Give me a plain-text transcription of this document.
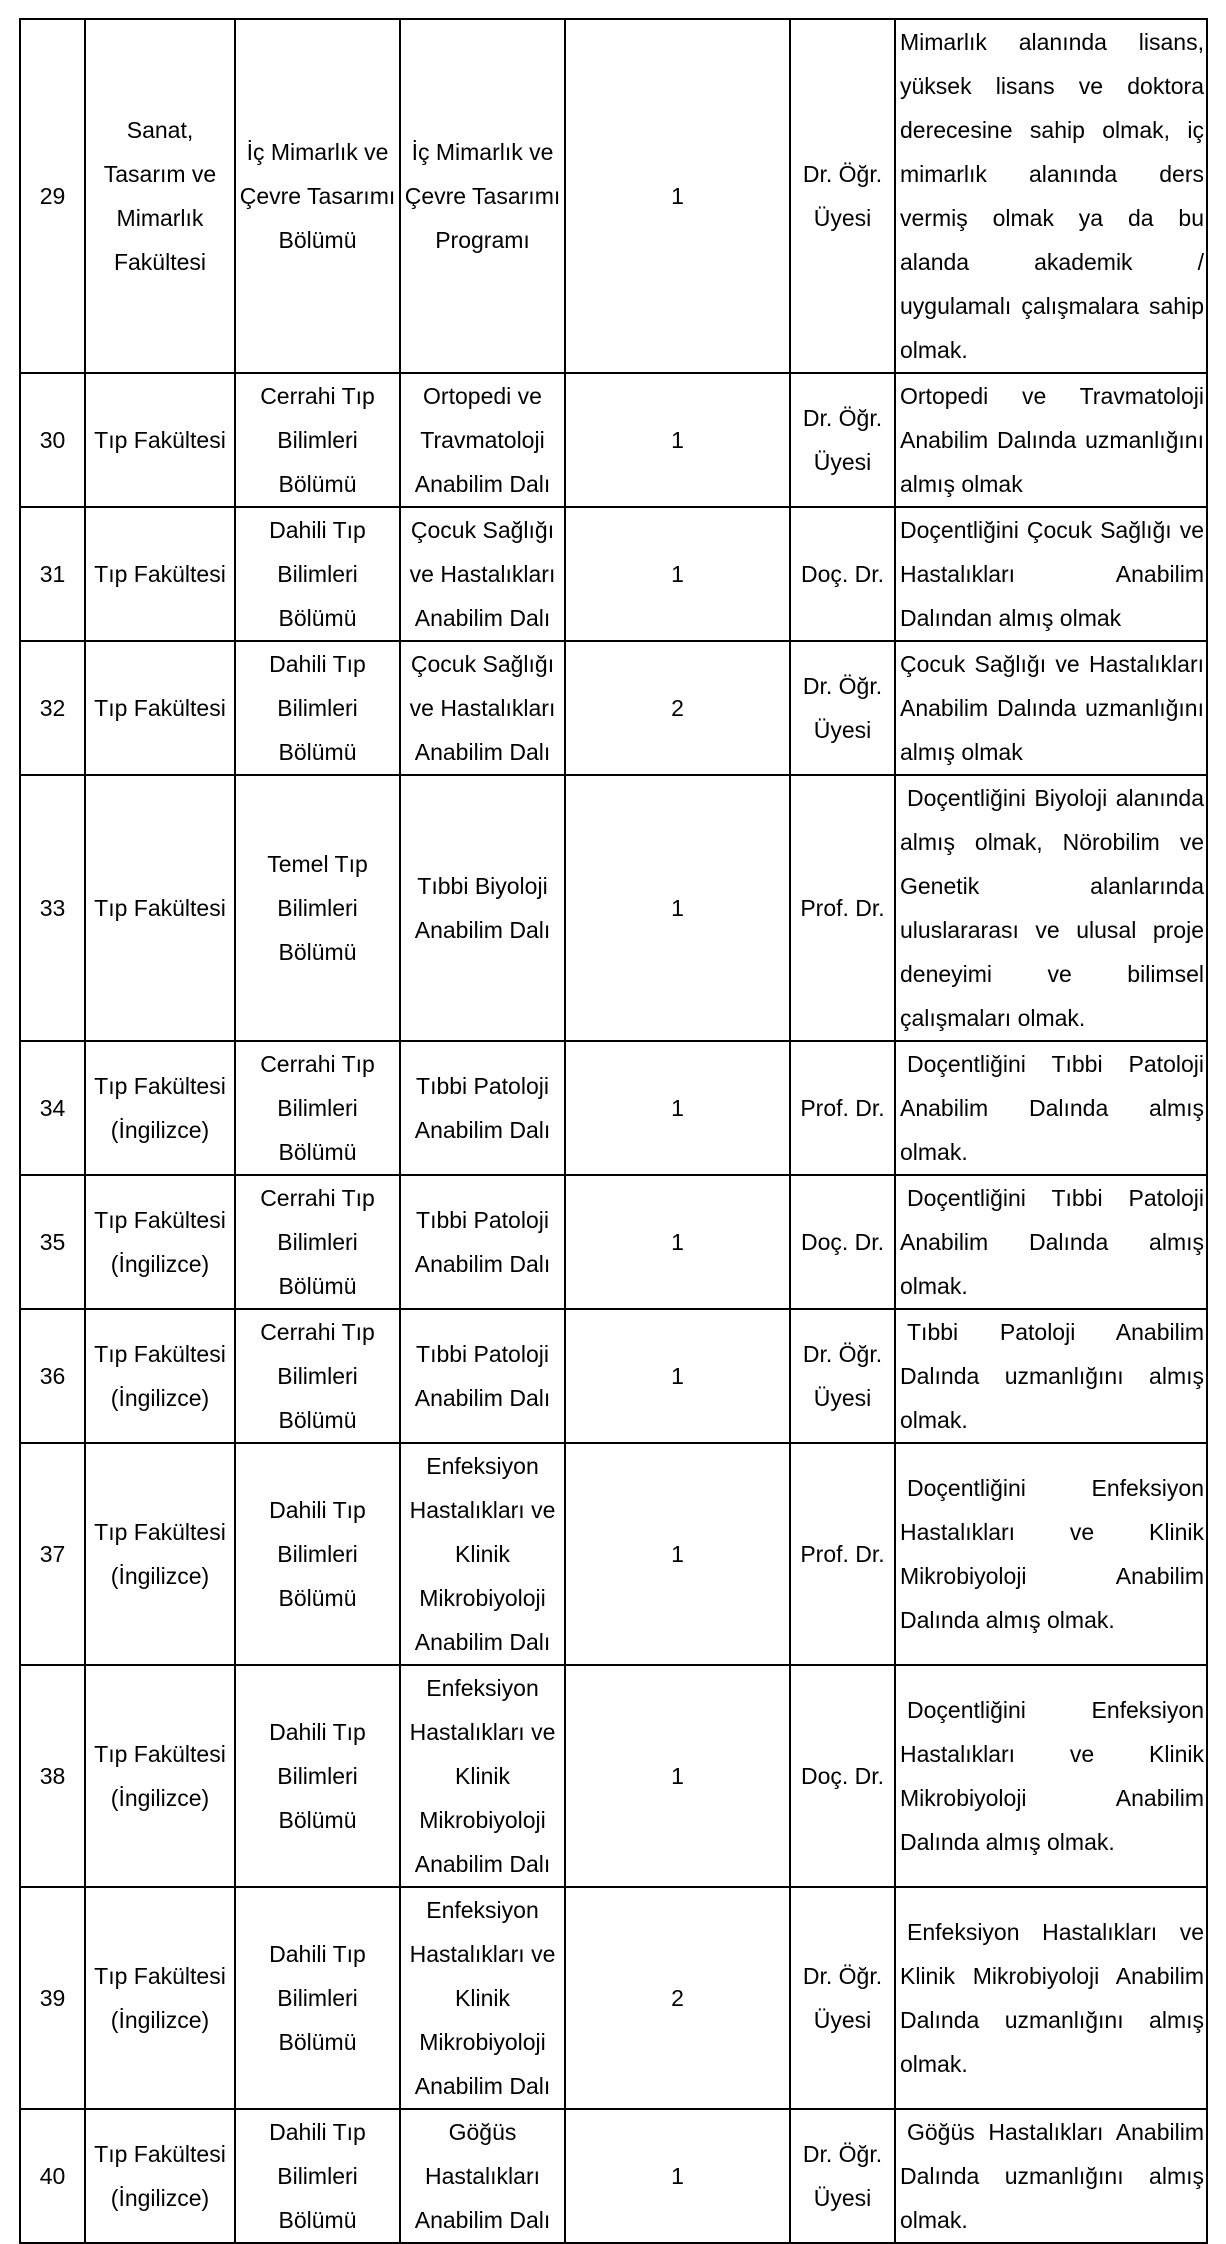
29	Sanat,
Tasarım ve
Mimarlık
Fakültesi	İç Mimarlık ve
Çevre Tasarımı
Bölümü	İç Mimarlık ve
Çevre Tasarımı
Programı	1	Dr. Öğr.
Üyesi	Mimarlık alanında lisans, yüksek lisans ve doktora derecesine sahip olmak, iç mimarlık alanında ders vermiş olmak ya da bu alanda akademik / uygulamalı çalışmalara sahip olmak.
30	Tıp Fakültesi	Cerrahi Tıp
Bilimleri Bölümü	Ortopedi ve
Travmatoloji
Anabilim Dalı	1	Dr. Öğr.
Üyesi	Ortopedi ve Travmatoloji Anabilim Dalında uzmanlığını almış olmak
31	Tıp Fakültesi	Dahili Tıp
Bilimleri Bölümü	Çocuk Sağlığı
ve Hastalıkları
Anabilim Dalı	1	Doç. Dr.	Doçentliğini Çocuk Sağlığı ve Hastalıkları Anabilim Dalından almış olmak
32	Tıp Fakültesi	Dahili Tıp
Bilimleri Bölümü	Çocuk Sağlığı
ve Hastalıkları
Anabilim Dalı	2	Dr. Öğr.
Üyesi	Çocuk Sağlığı ve Hastalıkları Anabilim Dalında uzmanlığını almış olmak
33	Tıp Fakültesi	Temel Tıp
Bilimleri Bölümü	Tıbbi Biyoloji
Anabilim Dalı	1	Prof. Dr.	Doçentliğini Biyoloji alanında almış olmak, Nörobilim ve Genetik alanlarında uluslararası ve ulusal proje deneyimi ve bilimsel çalışmaları olmak.
34	Tıp Fakültesi
(İngilizce)	Cerrahi Tıp
Bilimleri Bölümü	Tıbbi Patoloji
Anabilim Dalı	1	Prof. Dr.	Doçentliğini Tıbbi Patoloji Anabilim Dalında almış olmak.
35	Tıp Fakültesi
(İngilizce)	Cerrahi Tıp
Bilimleri Bölümü	Tıbbi Patoloji
Anabilim Dalı	1	Doç. Dr.	Doçentliğini Tıbbi Patoloji Anabilim Dalında almış olmak.
36	Tıp Fakültesi
(İngilizce)	Cerrahi Tıp
Bilimleri Bölümü	Tıbbi Patoloji
Anabilim Dalı	1	Dr. Öğr.
Üyesi	Tıbbi Patoloji Anabilim Dalında uzmanlığını almış olmak.
37	Tıp Fakültesi
(İngilizce)	Dahili Tıp
Bilimleri Bölümü	Enfeksiyon
Hastalıkları ve
Klinik
Mikrobiyoloji
Anabilim Dalı	1	Prof. Dr.	Doçentliğini Enfeksiyon Hastalıkları ve Klinik Mikrobiyoloji Anabilim Dalında almış olmak.
38	Tıp Fakültesi
(İngilizce)	Dahili Tıp
Bilimleri Bölümü	Enfeksiyon
Hastalıkları ve
Klinik
Mikrobiyoloji
Anabilim Dalı	1	Doç. Dr.	Doçentliğini Enfeksiyon Hastalıkları ve Klinik Mikrobiyoloji Anabilim Dalında almış olmak.
39	Tıp Fakültesi
(İngilizce)	Dahili Tıp
Bilimleri Bölümü	Enfeksiyon
Hastalıkları ve
Klinik
Mikrobiyoloji
Anabilim Dalı	2	Dr. Öğr.
Üyesi	Enfeksiyon Hastalıkları ve Klinik Mikrobiyoloji Anabilim Dalında uzmanlığını almış olmak.
40	Tıp Fakültesi
(İngilizce)	Dahili Tıp
Bilimleri Bölümü	Göğüs
Hastalıkları
Anabilim Dalı	1	Dr. Öğr.
Üyesi	Göğüs Hastalıkları Anabilim Dalında uzmanlığını almış olmak.
